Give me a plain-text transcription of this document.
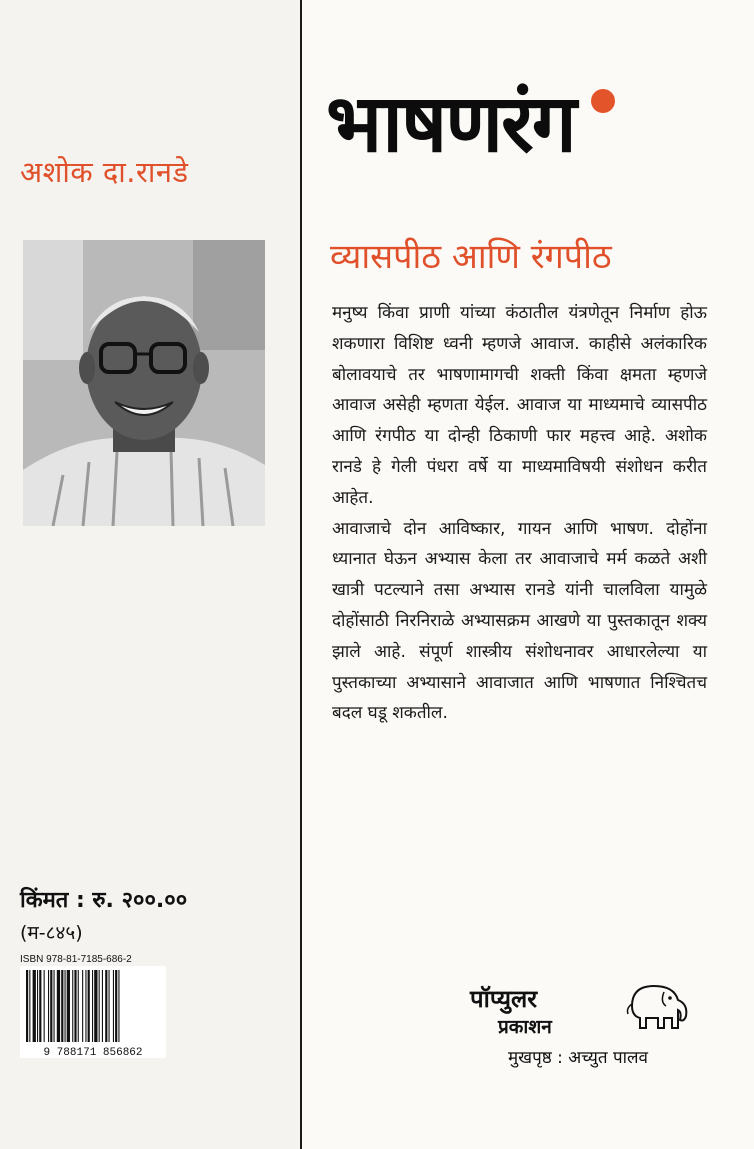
अशोक दा.रानडे
किंमत : रु. २००.००
(म-८४५)
ISBN 978-81-7185-686-2
9 788171 856862
भाषणरंग
व्यासपीठ आणि रंगपीठ

मनुष्य किंवा प्राणी यांच्या कंठातील यंत्रणेतून निर्माण होऊ शकणारा विशिष्ट ध्वनी म्हणजे आवाज. काहीसे अलंकारिक बोलावयाचे तर भाषणामागची शक्ती किंवा क्षमता म्हणजे आवाज असेही म्हणता येईल. आवाज या माध्यमाचे व्यासपीठ आणि रंगपीठ या दोन्ही ठिकाणी फार महत्त्व आहे. अशोक रानडे हे गेली पंधरा वर्षे या माध्यमाविषयी संशोधन करीत आहेत.

आवाजाचे दोन आविष्कार, गायन आणि भाषण. दोहोंना ध्यानात घेऊन अभ्यास केला तर आवाजाचे मर्म कळते अशी खात्री पटल्याने तसा अभ्यास रानडे यांनी चालविला यामुळे दोहोंसाठी निरनिराळे अभ्यासक्रम आखणे या पुस्तकातून शक्य झाले आहे. संपूर्ण शास्त्रीय संशोधनावर आधारलेल्या या पुस्तकाच्या अभ्यासाने आवाजात आणि भाषणात निश्चितच बदल घडू शकतील.

पॉप्युलर
प्रकाशन
मुखपृष्ठ : अच्युत पालव
